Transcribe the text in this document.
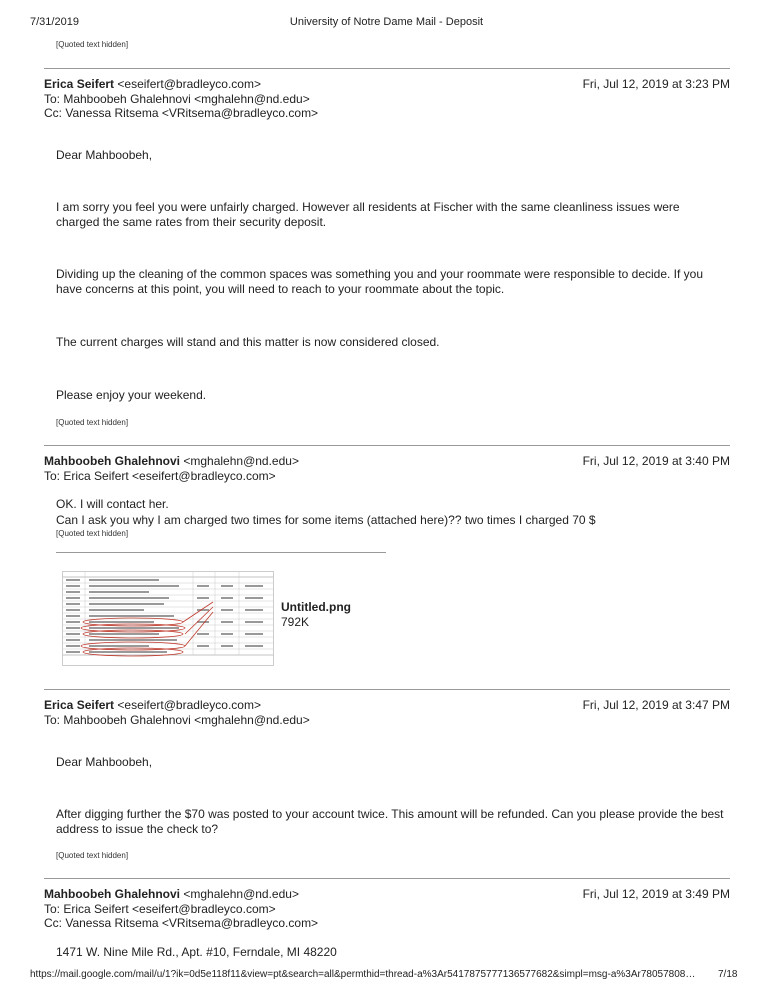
7/31/2019	University of Notre Dame Mail - Deposit
[Quoted text hidden]
Erica Seifert <eseifert@bradleyco.com>	Fri, Jul 12, 2019 at 3:23 PM
To: Mahboobeh Ghalehnovi <mghalehn@nd.edu>
Cc: Vanessa Ritsema <VRitsema@bradleyco.com>
Dear Mahboobeh,
I am sorry you feel you were unfairly charged. However all residents at Fischer with the same cleanliness issues were charged the same rates from their security deposit.
Dividing up the cleaning of the common spaces was something you and your roommate were responsible to decide. If you have concerns at this point, you will need to reach to your roommate about the topic.
The current charges will stand and this matter is now considered closed.
Please enjoy your weekend.
[Quoted text hidden]
Mahboobeh Ghalehnovi <mghalehn@nd.edu>	Fri, Jul 12, 2019 at 3:40 PM
To: Erica Seifert <eseifert@bradleyco.com>
OK. I will contact her.
Can I ask you why I am charged two times for some items (attached here)?? two times I charged 70 $
[Quoted text hidden]
Untitled.png
792K
Erica Seifert <eseifert@bradleyco.com>	Fri, Jul 12, 2019 at 3:47 PM
To: Mahboobeh Ghalehnovi <mghalehn@nd.edu>
Dear Mahboobeh,
After digging further the $70 was posted to your account twice. This amount will be refunded. Can you please provide the best address to issue the check to?
[Quoted text hidden]
Mahboobeh Ghalehnovi <mghalehn@nd.edu>	Fri, Jul 12, 2019 at 3:49 PM
To: Erica Seifert <eseifert@bradleyco.com>
Cc: Vanessa Ritsema <VRitsema@bradleyco.com>
1471 W. Nine Mile Rd., Apt. #10, Ferndale, MI 48220
https://mail.google.com/mail/u/1?ik=0d5e118f11&view=pt&search=all&permthid=thread-a%3Ar5417875777136577682&simpl=msg-a%3Ar78057808… 7/18
